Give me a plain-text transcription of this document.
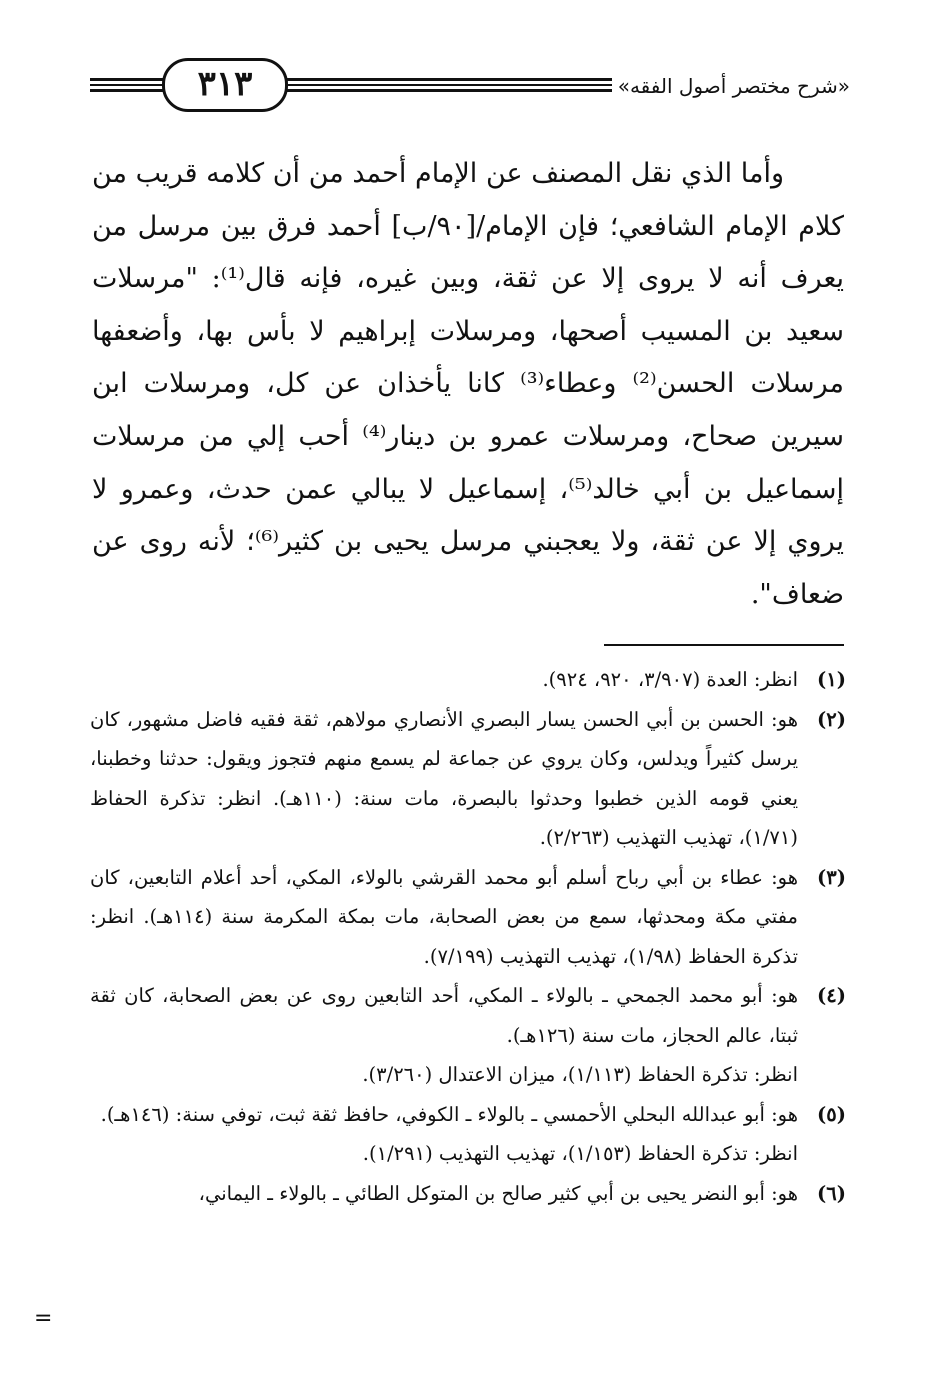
٣١٣	«شرح مختصر أصول الفقه»

وأما الذي نقل المصنف عن الإمام أحمد من أن كلامه قريب من كلام الإمام الشافعي؛ فإن الإمام/[٩٠/ب] أحمد فرق بين مرسل من يعرف أنه لا يروى إلا عن ثقة، وبين غيره، فإنه قال⁽¹⁾: "مرسلات سعيد بن المسيب أصحها، ومرسلات إبراهيم لا بأس بها، وأضعفها مرسلات الحسن⁽²⁾ وعطاء⁽³⁾ كانا يأخذان عن كل، ومرسلات ابن سيرين صحاح، ومرسلات عمرو بن دينار⁽⁴⁾ أحب إلي من مرسلات إسماعيل بن أبي خالد⁽⁵⁾، إسماعيل لا يبالي عمن حدث، وعمرو لا يروي إلا عن ثقة، ولا يعجبني مرسل يحيى بن كثير⁽⁶⁾؛ لأنه روى عن ضعاف".

(١)
انظر: العدة (٣/٩٠٧، ٩٢٠، ٩٢٤).
(٢)
هو: الحسن بن أبي الحسن يسار البصري الأنصاري مولاهم، ثقة فقيه فاضل مشهور، كان يرسل كثيراً ويدلس، وكان يروي عن جماعة لم يسمع منهم فتجوز ويقول: حدثنا وخطبنا، يعني قومه الذين خطبوا وحدثوا بالبصرة، مات سنة: (١١٠هـ). انظر: تذكرة الحفاظ (١/٧١)، تهذيب التهذيب (٢/٢٦٣).
(٣)
هو: عطاء بن أبي رباح أسلم أبو محمد القرشي بالولاء، المكي، أحد أعلام التابعين، كان مفتي مكة ومحدثها، سمع من بعض الصحابة، مات بمكة المكرمة سنة (١١٤هـ). انظر: تذكرة الحفاظ (١/٩٨)، تهذيب التهذيب (٧/١٩٩).
(٤)
هو: أبو محمد الجمحي ـ بالولاء ـ المكي، أحد التابعين روى عن بعض الصحابة، كان ثقة ثبتا، عالم الحجاز، مات سنة (١٢٦هـ).
انظر: تذكرة الحفاظ (١/١١٣)، ميزان الاعتدال (٣/٢٦٠).
(٥)
هو: أبو عبدالله البحلي الأحمسي ـ بالولاء ـ الكوفي، حافظ ثقة ثبت، توفي سنة: (١٤٦هـ).
انظر: تذكرة الحفاظ (١/١٥٣)، تهذيب التهذيب (١/٢٩١).
(٦)
هو: أبو النضر يحيى بن أبي كثير صالح بن المتوكل الطائي ـ بالولاء ـ اليماني،
=
